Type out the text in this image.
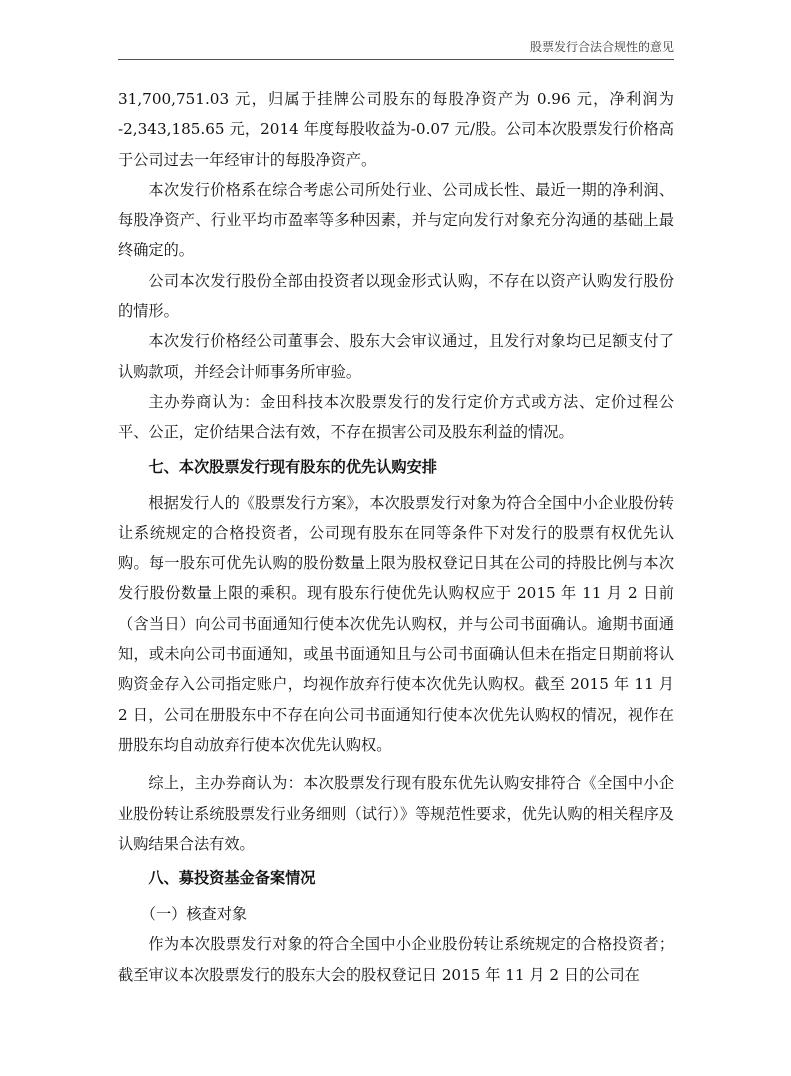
股票发行合法合规性的意见

31,700,751.03 元，归属于挂牌公司股东的每股净资产为 0.96 元，净利润为 -2,343,185.65 元，2014 年度每股收益为-0.07 元/股。公司本次股票发行价格高于公司过去一年经审计的每股净资产。

本次发行价格系在综合考虑公司所处行业、公司成长性、最近一期的净利润、每股净资产、行业平均市盈率等多种因素，并与定向发行对象充分沟通的基础上最终确定的。

公司本次发行股份全部由投资者以现金形式认购，不存在以资产认购发行股份的情形。

本次发行价格经公司董事会、股东大会审议通过，且发行对象均已足额支付了认购款项，并经会计师事务所审验。

主办券商认为：金田科技本次股票发行的发行定价方式或方法、定价过程公平、公正，定价结果合法有效，不存在损害公司及股东利益的情况。

七、本次股票发行现有股东的优先认购安排

根据发行人的《股票发行方案》，本次股票发行对象为符合全国中小企业股份转让系统规定的合格投资者，公司现有股东在同等条件下对发行的股票有权优先认购。每一股东可优先认购的股份数量上限为股权登记日其在公司的持股比例与本次发行股份数量上限的乘积。现有股东行使优先认购权应于 2015 年 11 月 2 日前（含当日）向公司书面通知行使本次优先认购权，并与公司书面确认。逾期书面通知，或未向公司书面通知，或虽书面通知且与公司书面确认但未在指定日期前将认购资金存入公司指定账户，均视作放弃行使本次优先认购权。截至 2015 年 11 月 2 日，公司在册股东中不存在向公司书面通知行使本次优先认购权的情况，视作在册股东均自动放弃行使本次优先认购权。

综上，主办券商认为：本次股票发行现有股东优先认购安排符合《全国中小企业股份转让系统股票发行业务细则（试行）》等规范性要求，优先认购的相关程序及认购结果合法有效。

八、募投资基金备案情况

（一）核查对象

作为本次股票发行对象的符合全国中小企业股份转让系统规定的合格投资者；截至审议本次股票发行的股东大会的股权登记日 2015 年 11 月 2 日的公司在
